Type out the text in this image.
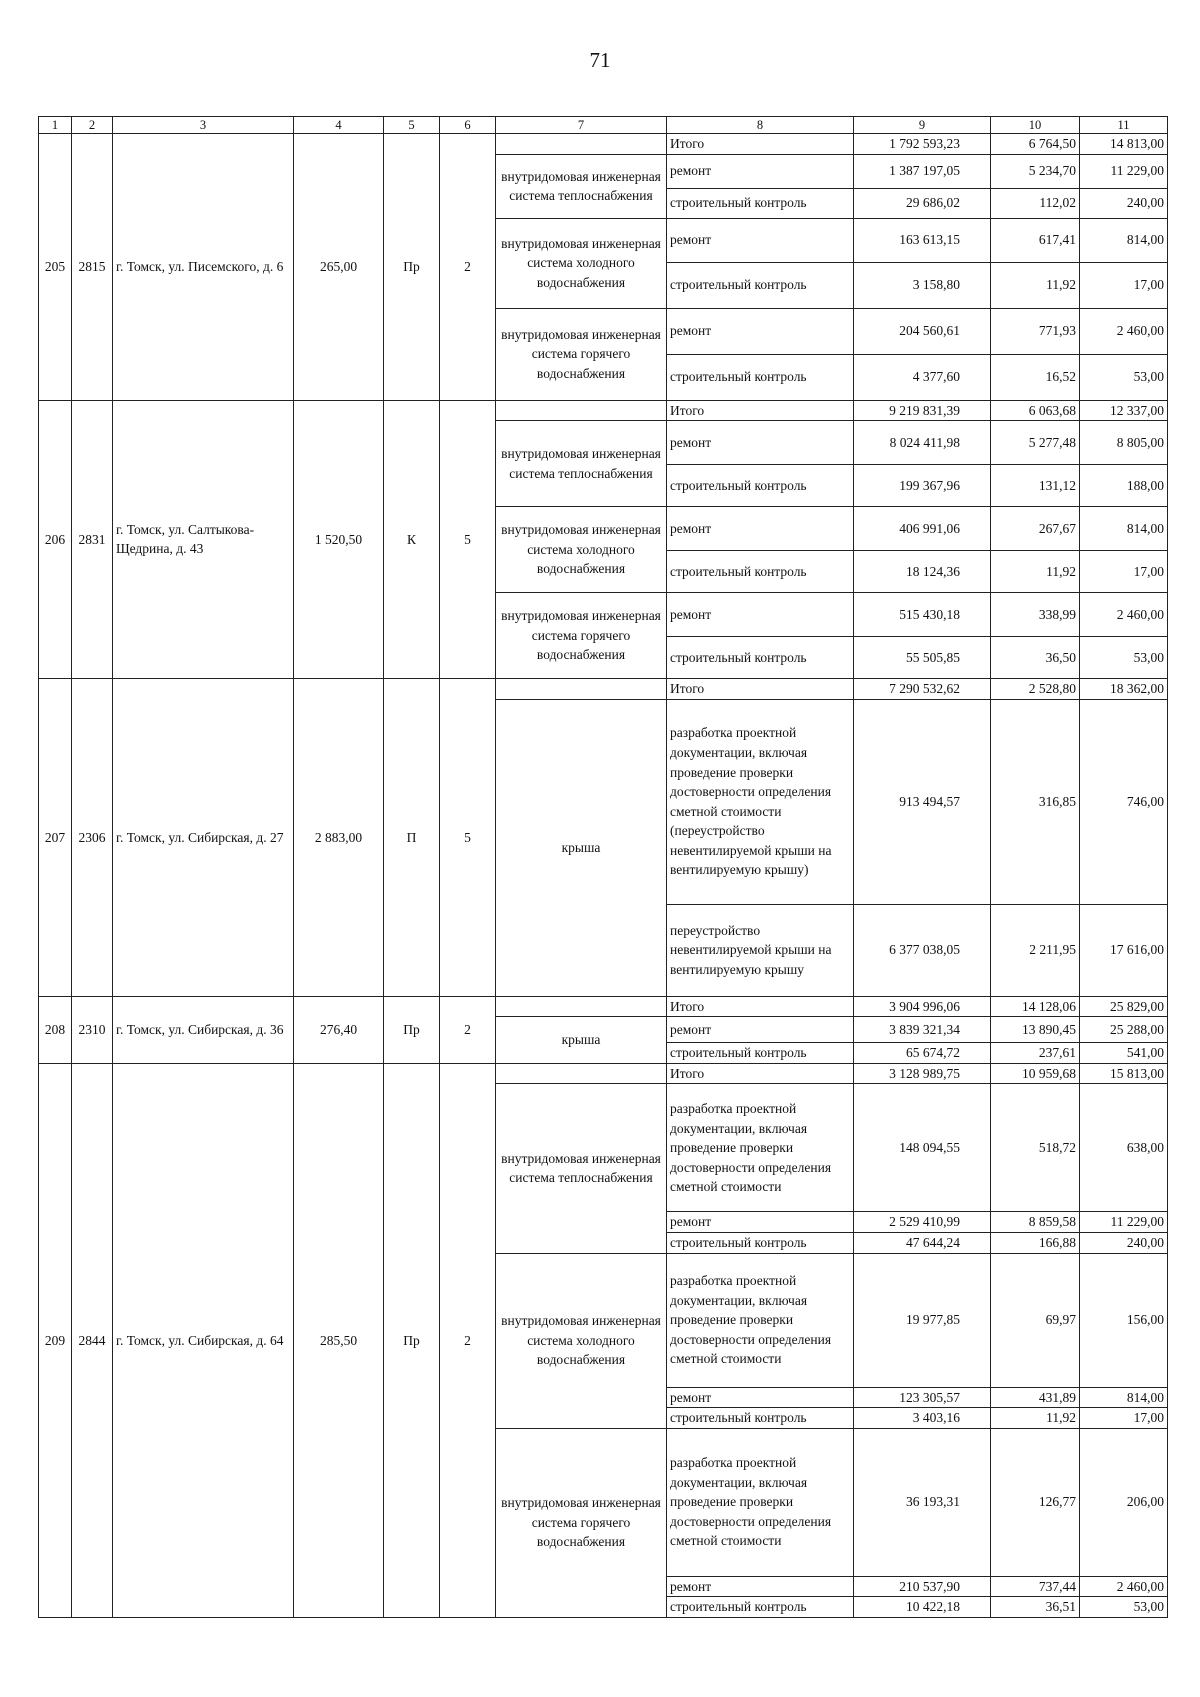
71
1	2	3	4	5	6	7	8	9	10	11
205	2815	г. Томск, ул. Писемского, д. 6	265,00	Пр	2		Итого	1 792 593,23	6 764,50	14 813,00
						внутридомовая инженерная система теплоснабжения	ремонт	1 387 197,05	5 234,70	11 229,00
							строительный контроль	29 686,02	112,02	240,00
						внутридомовая инженерная система холодного водоснабжения	ремонт	163 613,15	617,41	814,00
							строительный контроль	3 158,80	11,92	17,00
						внутридомовая инженерная система горячего водоснабжения	ремонт	204 560,61	771,93	2 460,00
							строительный контроль	4 377,60	16,52	53,00
206	2831	г. Томск, ул. Салтыкова-Щедрина, д. 43	1 520,50	К	5		Итого	9 219 831,39	6 063,68	12 337,00
						внутридомовая инженерная система теплоснабжения	ремонт	8 024 411,98	5 277,48	8 805,00
							строительный контроль	199 367,96	131,12	188,00
						внутридомовая инженерная система холодного водоснабжения	ремонт	406 991,06	267,67	814,00
							строительный контроль	18 124,36	11,92	17,00
						внутридомовая инженерная система горячего водоснабжения	ремонт	515 430,18	338,99	2 460,00
							строительный контроль	55 505,85	36,50	53,00
207	2306	г. Томск, ул. Сибирская, д. 27	2 883,00	П	5		Итого	7 290 532,62	2 528,80	18 362,00
						крыша	разработка проектной документации, включая проведение проверки достоверности определения сметной стоимости (переустройство невентилируемой крыши на вентилируемую крышу)	913 494,57	316,85	746,00
							переустройство невентилируемой крыши на вентилируемую крышу	6 377 038,05	2 211,95	17 616,00
208	2310	г. Томск, ул. Сибирская, д. 36	276,40	Пр	2		Итого	3 904 996,06	14 128,06	25 829,00
						крыша	ремонт	3 839 321,34	13 890,45	25 288,00
							строительный контроль	65 674,72	237,61	541,00
209	2844	г. Томск, ул. Сибирская, д. 64	285,50	Пр	2		Итого	3 128 989,75	10 959,68	15 813,00
						внутридомовая инженерная система теплоснабжения	разработка проектной документации, включая проведение проверки достоверности определения сметной стоимости	148 094,55	518,72	638,00
							ремонт	2 529 410,99	8 859,58	11 229,00
							строительный контроль	47 644,24	166,88	240,00
						внутридомовая инженерная система холодного водоснабжения	разработка проектной документации, включая проведение проверки достоверности определения сметной стоимости	19 977,85	69,97	156,00
							ремонт	123 305,57	431,89	814,00
							строительный контроль	3 403,16	11,92	17,00
						внутридомовая инженерная система горячего водоснабжения	разработка проектной документации, включая проведение проверки достоверности определения сметной стоимости	36 193,31	126,77	206,00
							ремонт	210 537,90	737,44	2 460,00
							строительный контроль	10 422,18	36,51	53,00
